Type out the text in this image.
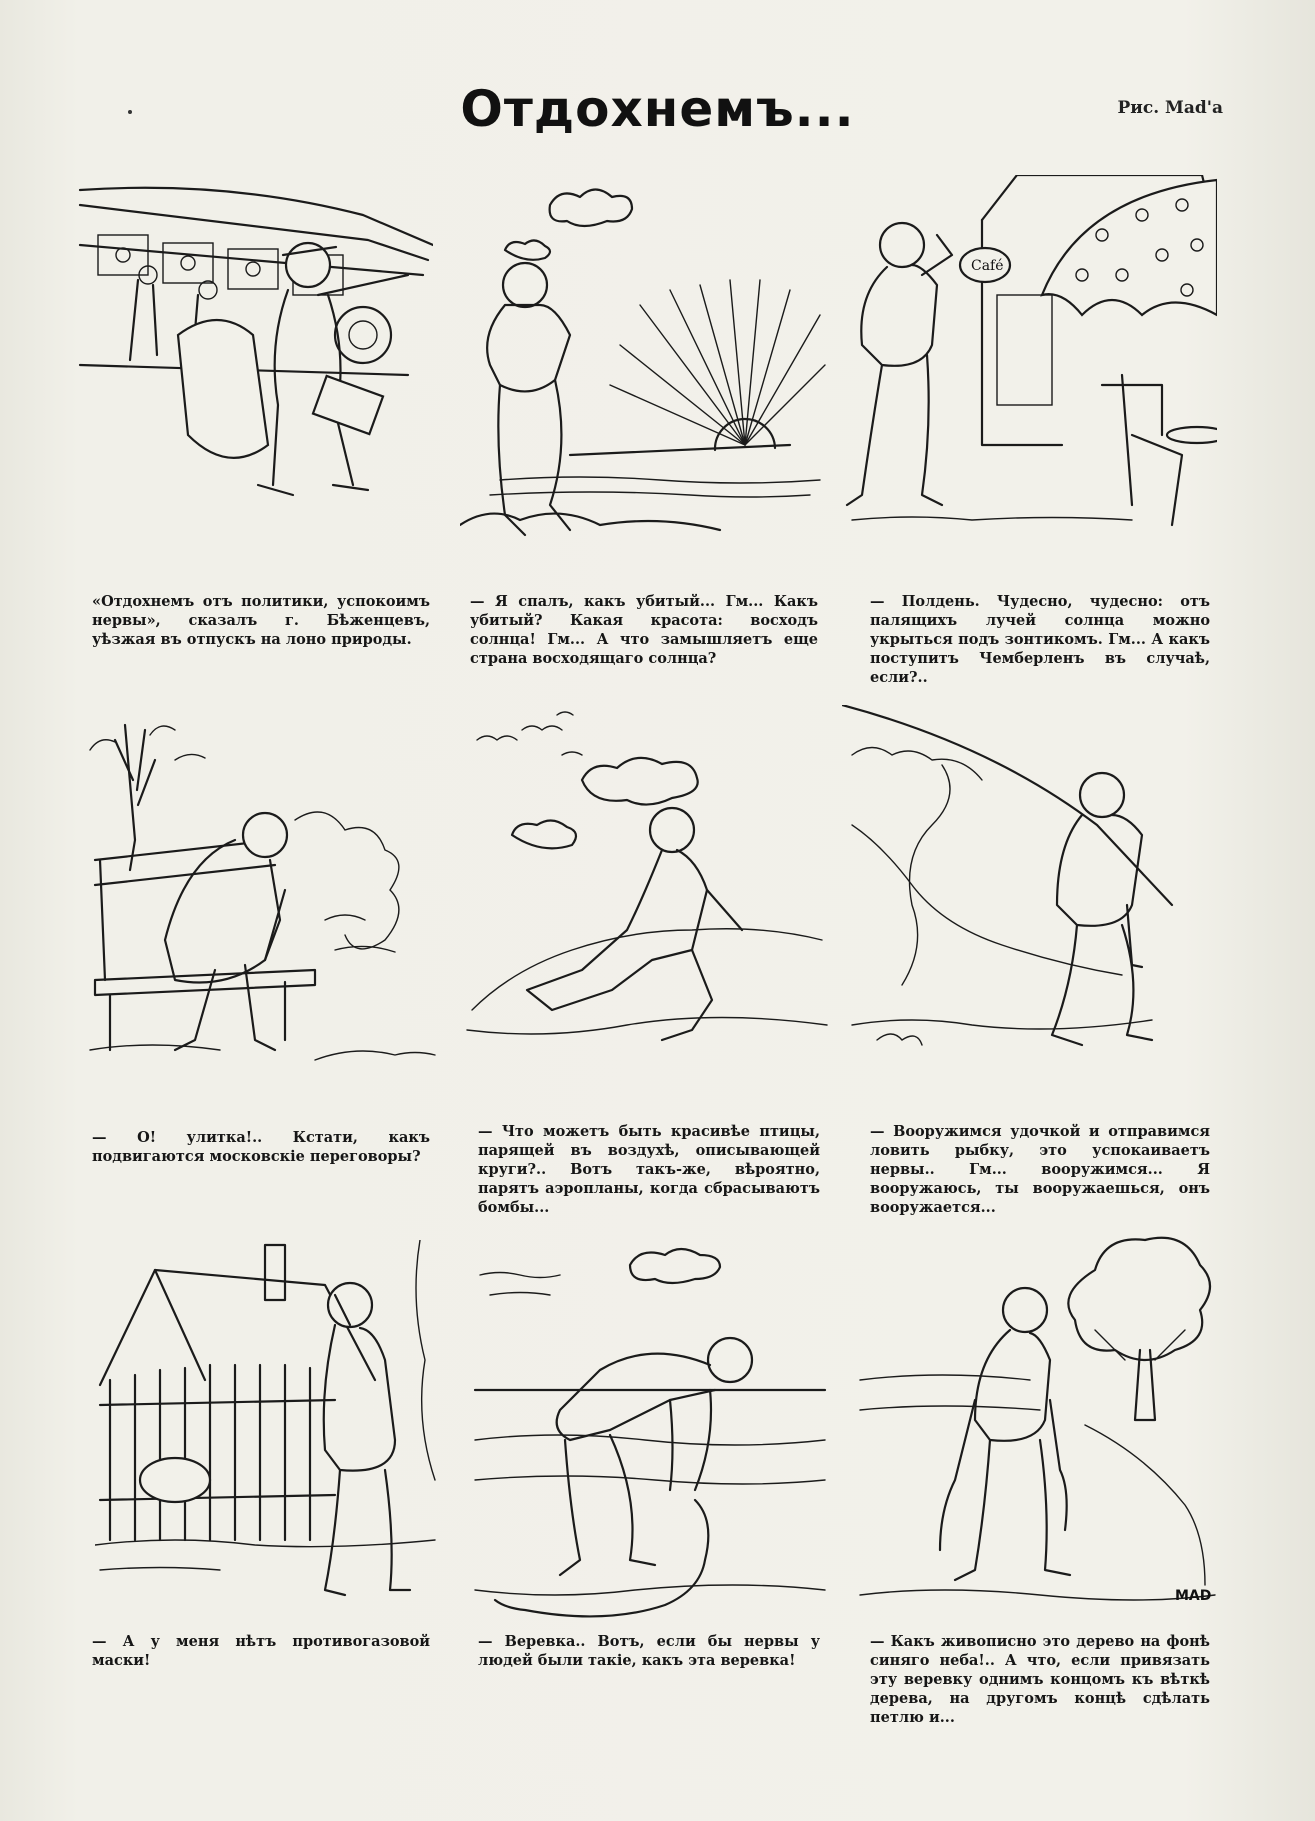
Отдохнемъ...	Рис. Mad'a
«Отдохнемъ отъ политики, успокоимъ нервы», сказалъ г. Бѣженцевъ, уѣзжая въ отпускъ на лоно природы.
— Я спалъ, какъ убитый... Гм... Какъ убитый? Какая красота: восходъ солнца! Гм... А что замышляетъ еще страна восходящаго солнца?
Café
— Полдень. Чудесно, чудесно: отъ палящихъ лучей солнца можно укрыться подъ зонтикомъ. Гм... А какъ поступитъ Чемберленъ въ случаѣ, если?..
— О! улитка!.. Кстати, какъ подвигаются московскіе переговоры?
— Что можетъ быть красивѣе птицы, парящей въ воздухѣ, описывающей круги?.. Вотъ такъ-же, вѣроятно, парятъ аэропланы, когда сбрасываютъ бомбы...
— Вооружимся удочкой и отправимся ловить рыбку, это успокаиваетъ нервы.. Гм... вооружимся... Я вооружаюсь, ты вооружаешься, онъ вооружается...
— А у меня нѣтъ противогазовой маски!
— Веревка.. Вотъ, если бы нервы у людей были такіе, какъ эта веревка!
MAD
— Какъ живописно это дерево на фонѣ синяго неба!.. А что, если привязать эту веревку однимъ концомъ къ вѣткѣ дерева, на другомъ концѣ сдѣлать петлю и...
